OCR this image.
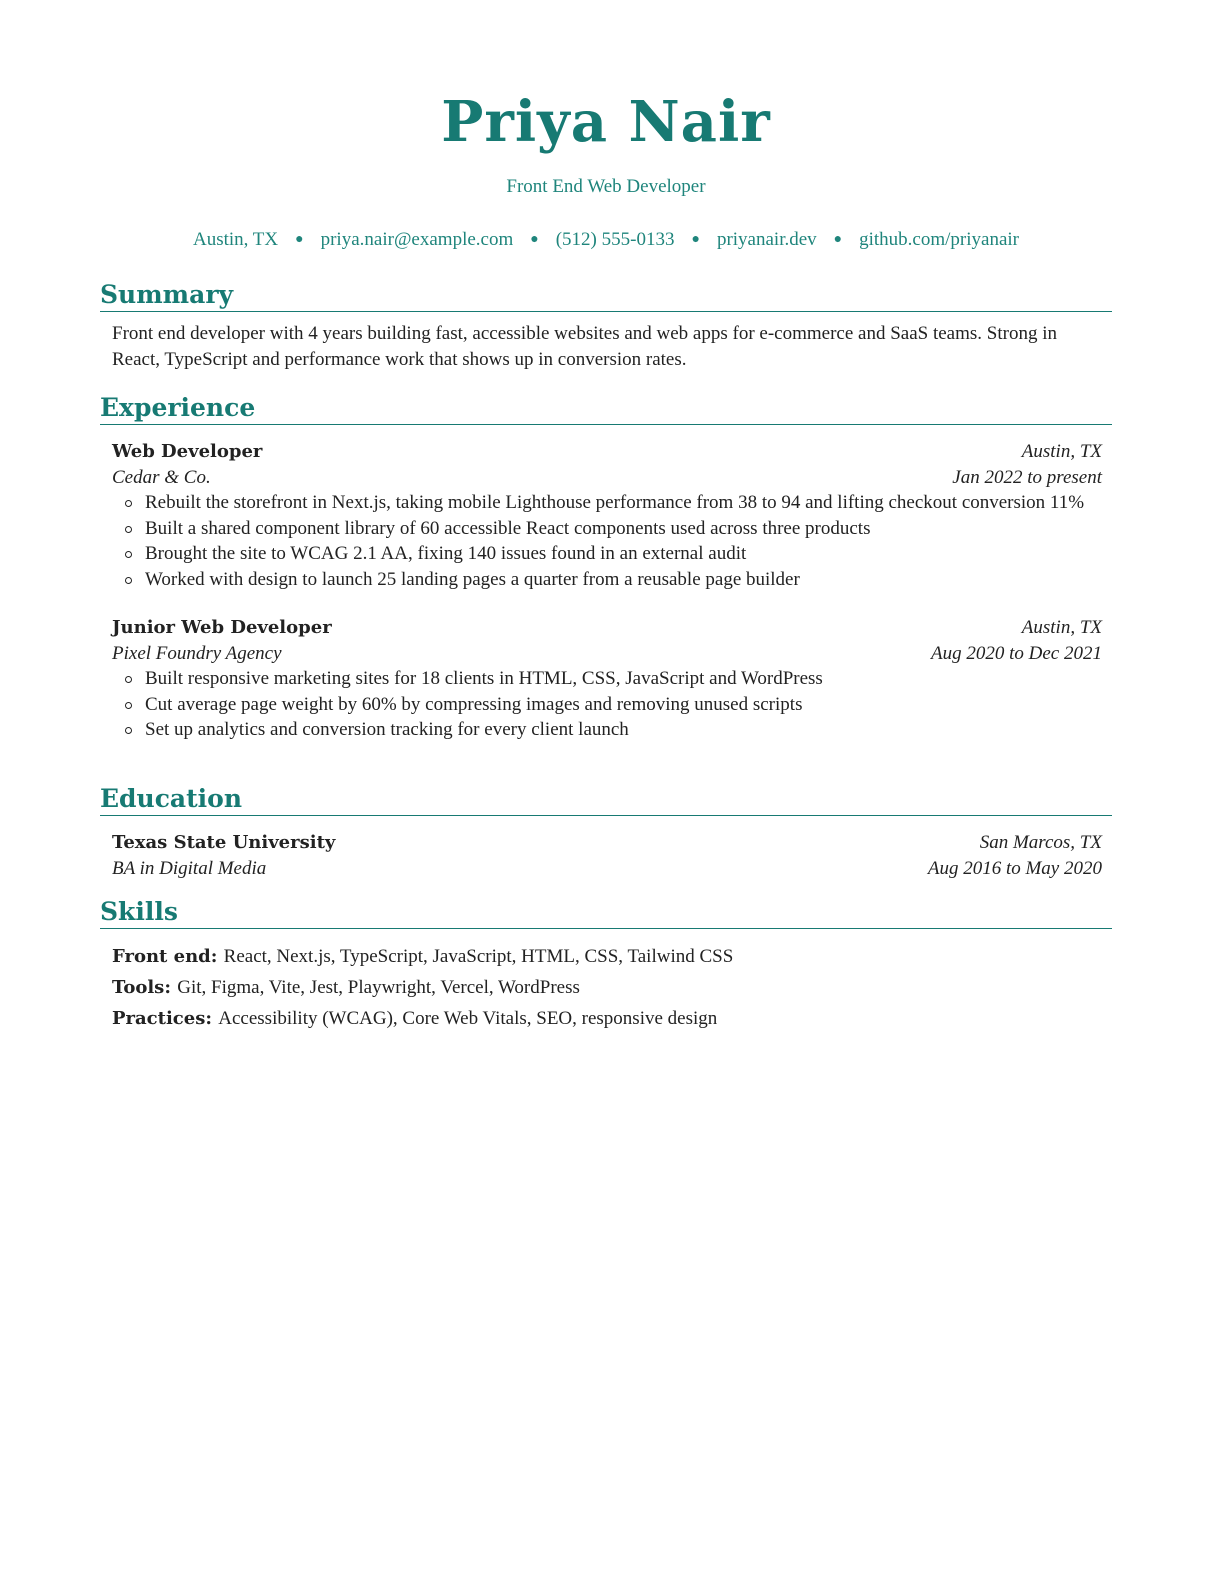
Priya Nair
Front End Web Developer
Austin, TX ● priya.nair@example.com ● (512) 555-0133 ● priyanair.dev ● github.com/priyanair
Summary
Front end developer with 4 years building fast, accessible websites and web apps for e-commerce and SaaS teams. Strong in React, TypeScript and performance work that shows up in conversion rates.
Experience
Web Developer	Austin, TX
Cedar & Co.	Jan 2022 to present
Rebuilt the storefront in Next.js, taking mobile Lighthouse performance from 38 to 94 and lifting checkout conversion 11%
Built a shared component library of 60 accessible React components used across three products
Brought the site to WCAG 2.1 AA, fixing 140 issues found in an external audit
Worked with design to launch 25 landing pages a quarter from a reusable page builder
Junior Web Developer	Austin, TX
Pixel Foundry Agency	Aug 2020 to Dec 2021
Built responsive marketing sites for 18 clients in HTML, CSS, JavaScript and WordPress
Cut average page weight by 60% by compressing images and removing unused scripts
Set up analytics and conversion tracking for every client launch
Education
Texas State University	San Marcos, TX
BA in Digital Media	Aug 2016 to May 2020
Skills
Front end: React, Next.js, TypeScript, JavaScript, HTML, CSS, Tailwind CSS
Tools: Git, Figma, Vite, Jest, Playwright, Vercel, WordPress
Practices: Accessibility (WCAG), Core Web Vitals, SEO, responsive design
